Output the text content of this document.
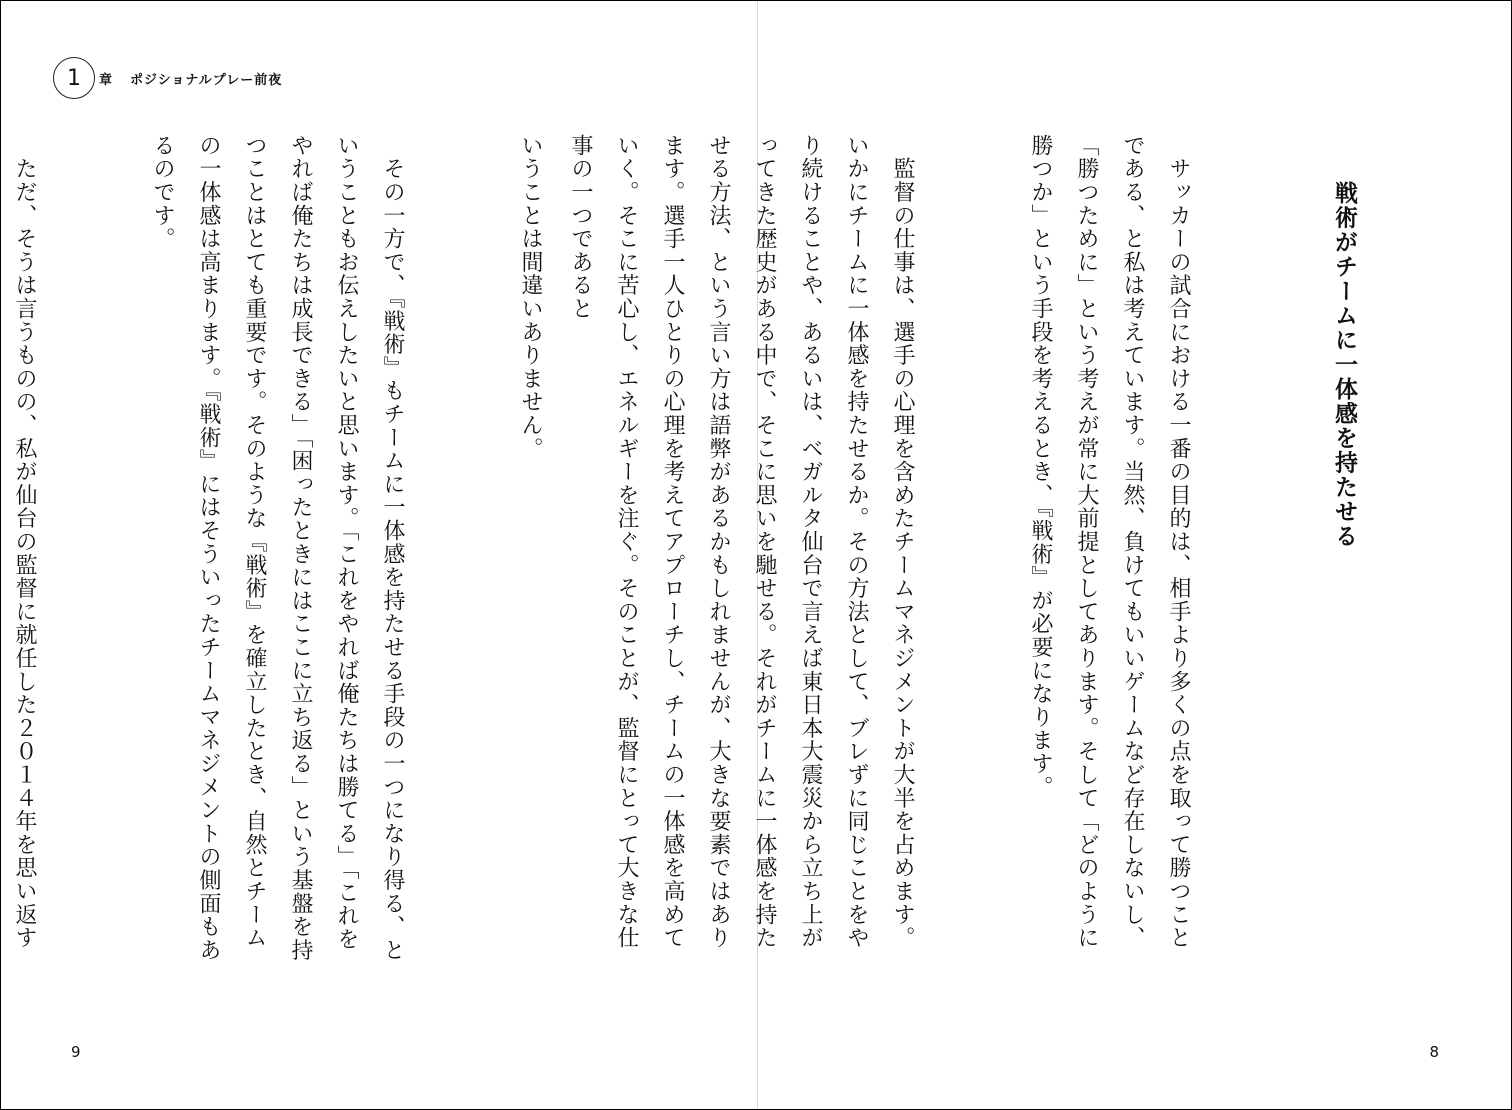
1	章 ポジショナルプレー前夜

いうことは間違いありません。

　その一方で、『戦術』もチームに一体感を持たせる手段の一つになり得る、ということもお伝えしたいと思います。「これをやれば俺たちは勝てる」「これをやれば俺たちは成長できる」「困ったときにはここに立ち返る」という基盤を持つことはとても重要です。そのような『戦術』を確立したとき、自然とチームの一体感は高まります。『戦術』にはそういったチームマネジメントの側面もあるのです。

　ただ、そうは言うものの、私が仙台の監督に就任した２０１４年を思い返す

9
戦術がチームに一体感を持たせる

　サッカーの試合における一番の目的は、相手より多くの点を取って勝つことである、と私は考えています。当然、負けてもいいゲームなど存在しないし、「勝つために」という考えが常に大前提としてあります。そして「どのように勝つか」という手段を考えるとき、『戦術』が必要になります。

　監督の仕事は、選手の心理を含めたチームマネジメントが大半を占めます。いかにチームに一体感を持たせるか。その方法として、ブレずに同じことをやり続けることや、あるいは、ベガルタ仙台で言えば東日本大震災から立ち上がってきた歴史がある中で、そこに思いを馳せる。それがチームに一体感を持たせる方法、という言い方は語弊があるかもしれませんが、大きな要素ではあります。選手一人ひとりの心理を考えてアプローチし、チームの一体感を高めていく。そこに苦心し、エネルギーを注ぐ。そのことが、監督にとって大きな仕事の一つであると

8
